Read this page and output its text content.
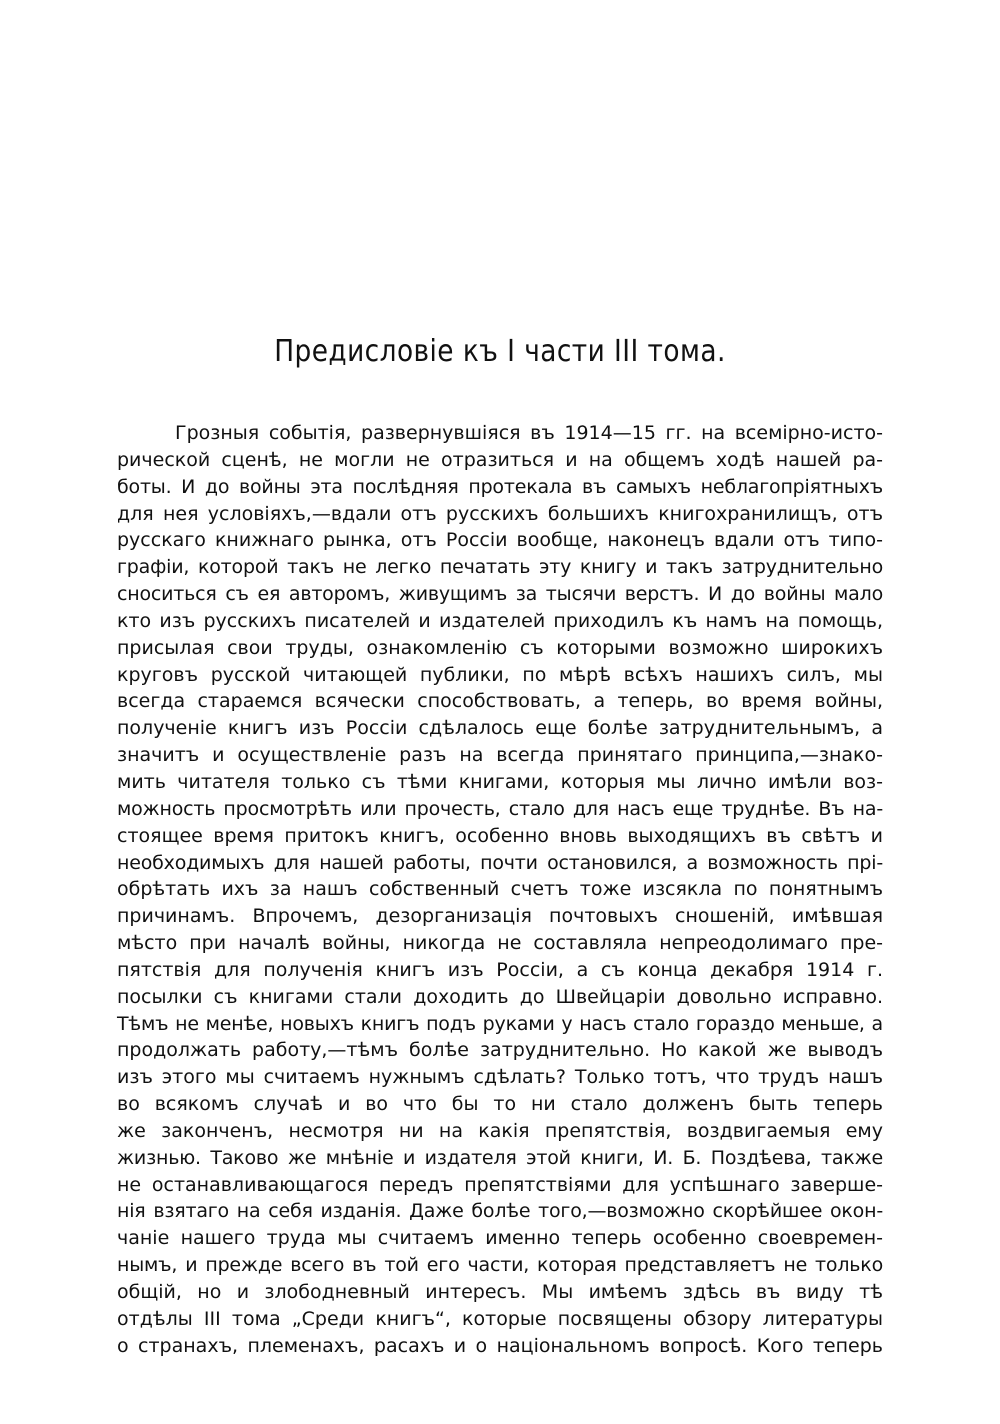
Предисловіе къ I части III тома.
Грозныя событія, развернувшіяся въ 1914—15 гг. на всемірно-исто-
рической сценѣ, не могли не отразиться и на общемъ ходѣ нашей ра-
боты. И до войны эта послѣдняя протекала въ самыхъ неблагопріятныхъ
для нея условіяхъ,—вдали отъ русскихъ большихъ книгохранилищъ, отъ
русскаго книжнаго рынка, отъ Россіи вообще, наконецъ вдали отъ типо-
графіи, которой такъ не легко печатать эту книгу и такъ затруднительно
сноситься съ ея авторомъ, живущимъ за тысячи верстъ. И до войны мало
кто изъ русскихъ писателей и издателей приходилъ къ намъ на помощь,
присылая свои труды, ознакомленію съ которыми возможно широкихъ
круговъ русской читающей публики, по мѣрѣ всѣхъ нашихъ силъ, мы
всегда стараемся всячески способствовать, а теперь, во время войны,
полученіе книгъ изъ Россіи сдѣлалось еще болѣе затруднительнымъ, а
значитъ и осуществленіе разъ на всегда принятаго принципа,—знако-
мить читателя только съ тѣми книгами, которыя мы лично имѣли воз-
можность просмотрѣть или прочесть, стало для насъ еще труднѣе. Въ на-
стоящее время притокъ книгъ, особенно вновь выходящихъ въ свѣтъ и
необходимыхъ для нашей работы, почти остановился, а возможность прі-
обрѣтать ихъ за нашъ собственный счетъ тоже изсякла по понятнымъ
причинамъ. Впрочемъ, дезорганизація почтовыхъ сношеній, имѣвшая
мѣсто при началѣ войны, никогда не составляла непреодолимаго пре-
пятствія для полученія книгъ изъ Россіи, а съ конца декабря 1914 г.
посылки съ книгами стали доходить до Швейцаріи довольно исправно.
Тѣмъ не менѣе, новыхъ книгъ подъ руками у насъ стало гораздо меньше, а
продолжать работу,—тѣмъ болѣе затруднительно. Но какой же выводъ
изъ этого мы считаемъ нужнымъ сдѣлать? Только тотъ, что трудъ нашъ
во всякомъ случаѣ и во что бы то ни стало долженъ быть теперь
же законченъ, несмотря ни на какія препятствія, воздвигаемыя ему
жизнью. Таково же мнѣніе и издателя этой книги, И. Б. Поздѣева, также
не останавливающагося передъ препятствіями для успѣшнаго заверше-
нія взятаго на себя изданія. Даже болѣе того,—возможно скорѣйшее окон-
чаніе нашего труда мы считаемъ именно теперь особенно своевремен-
нымъ, и прежде всего въ той его части, которая представляетъ не только
общій, но и злободневный интересъ. Мы имѣемъ здѣсь въ виду тѣ
отдѣлы III тома „Среди книгъ“, которые посвящены обзору литературы
о странахъ, племенахъ, расахъ и о національномъ вопросѣ. Кого теперь
